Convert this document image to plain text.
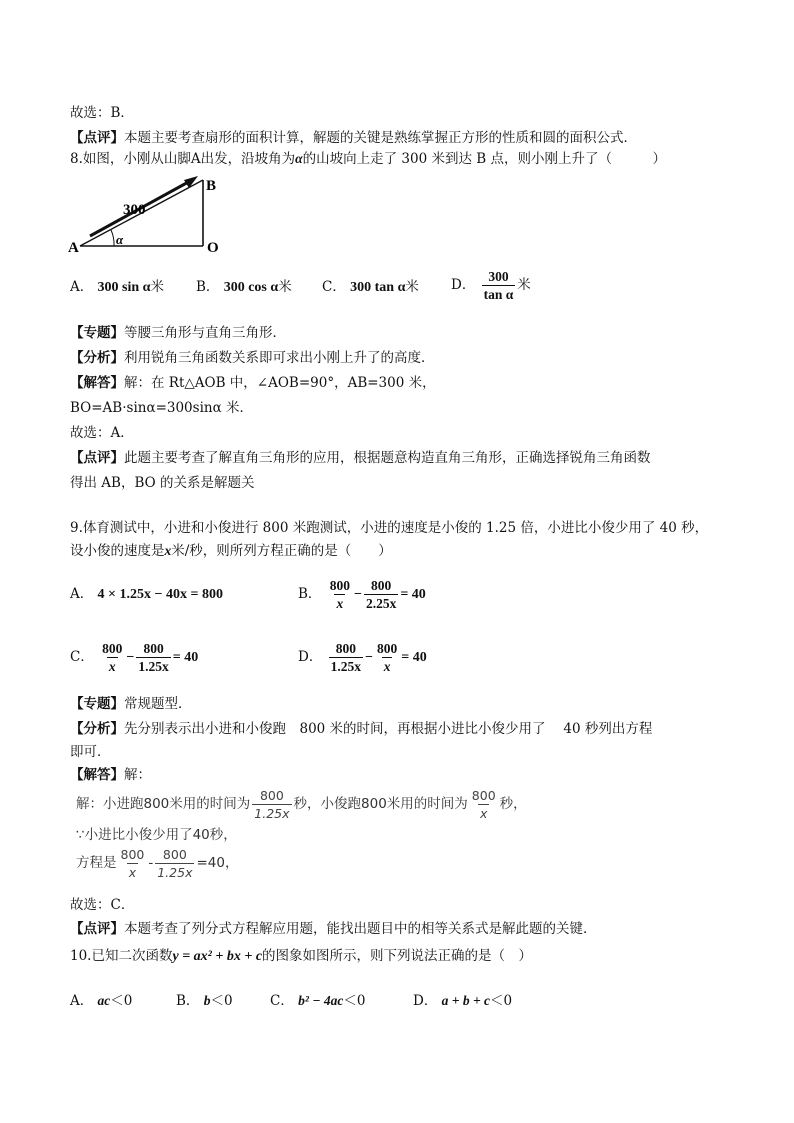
故选：B．
【点评】本题主要考查扇形的面积计算，解题的关键是熟练掌握正方形的性质和圆的面积公式．
8.如图，小刚从山脚A出发，沿坡角为α的山坡向上走了 300 米到达 B 点，则小刚上升了（　　　）
A
B
O
300
α
A． 300 sin α米 B． 300 cos α米 C． 300 tan α米 D． $\frac{300}{\text{tan α}}$ 米
【专题】等腰三角形与直角三角形．
【分析】利用锐角三角函数关系即可求出小刚上升了的高度．
【解答】解：在 Rt△AOB 中，∠AOB=90°，AB=300 米，
BO=AB·sinα=300sinα 米．
故选：A．
【点评】此题主要考查了解直角三角形的应用，根据题意构造直角三角形，正确选择锐角三角函数
得出 AB，BO 的关系是解题关
9.体育测试中，小进和小俊进行 800 米跑测试，小进的速度是小俊的 1.25 倍，小进比小俊少用了 40 秒，
设小俊的速度是x米/秒，则所列方程正确的是（　　）
A． 4 × 1.25x − 40x = 800	B． $\frac{800}{x} - \frac{800}{2.25x} = 40$
C． $\frac{800}{x} - \frac{800}{1.25x} = 40$	D． $\frac{800}{1.25x} - \frac{800}{x} = 40$
【专题】常规题型．
【分析】先分别表示出小进和小俊跑　800 米的时间，再根据小进比小俊少用了　 40 秒列出方程
即可．
【解答】解：
解：小进跑800米用的时间为 $\frac{800}{1.25x}$ 秒，小俊跑800米用的时间为 $\frac{800}{x}$ 秒，
∵小进比小俊少用了40秒，
方程是 $\frac{800}{x} - \frac{800}{1.25x} =40$，
故选：C．
【点评】本题考查了列分式方程解应用题，能找出题目中的相等关系式是解此题的关键．
10.已知二次函数y = ax² + bx + c的图象如图所示，则下列说法正确的是（　）
A． ac＜0	B． b＜0	C． b² − 4ac＜0	D． a + b + c＜0
